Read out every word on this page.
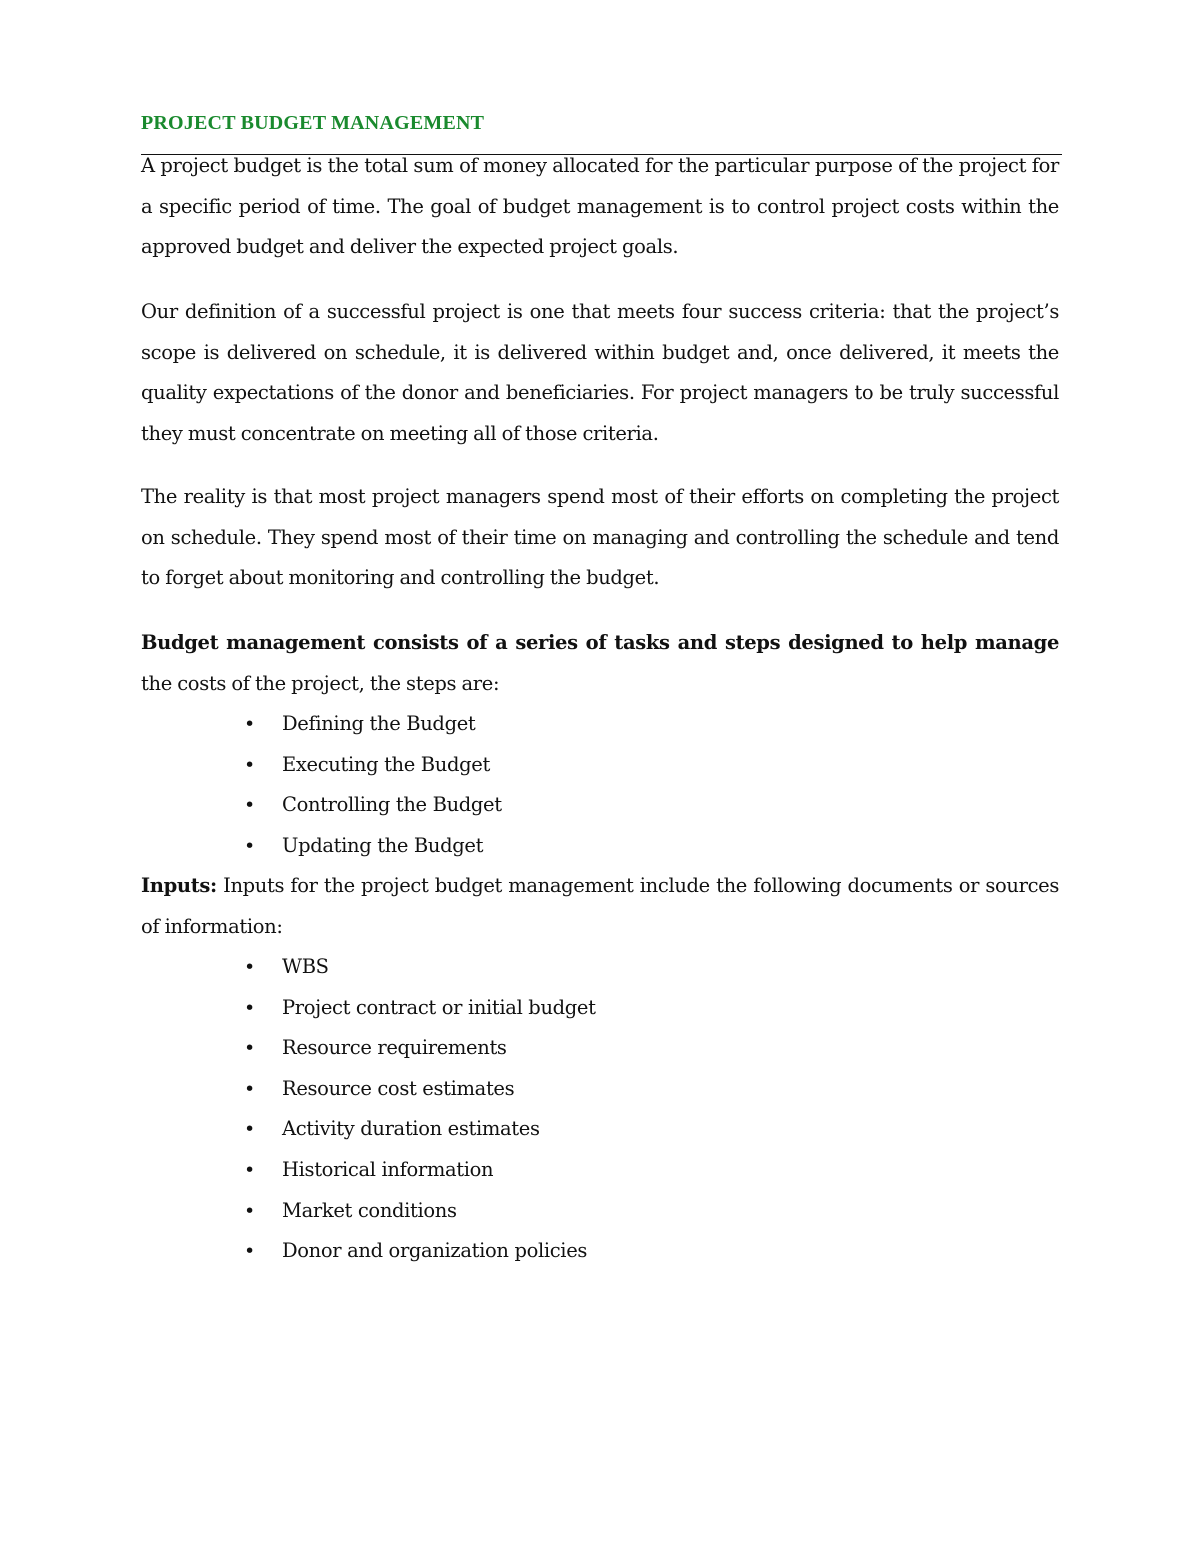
PROJECT BUDGET MANAGEMENT

A project budget is the total sum of money allocated for the particular purpose of the project for a specific period of time. The goal of budget management is to control project costs within the approved budget and deliver the expected project goals.

Our definition of a successful project is one that meets four success criteria: that the project’s scope is delivered on schedule, it is delivered within budget and, once delivered, it meets the quality expectations of the donor and beneficiaries. For project managers to be truly successful they must concentrate on meeting all of those criteria.

The reality is that most project managers spend most of their efforts on completing the project on schedule. They spend most of their time on managing and controlling the schedule and tend to forget about monitoring and controlling the budget.

Budget management consists of a series of tasks and steps designed to help manage the costs of the project, the steps are:

• Defining the Budget
• Executing the Budget
• Controlling the Budget
• Updating the Budget

Inputs: Inputs for the project budget management include the following documents or sources of information:

• WBS
• Project contract or initial budget
• Resource requirements
• Resource cost estimates
• Activity duration estimates
• Historical information
• Market conditions
• Donor and organization policies
